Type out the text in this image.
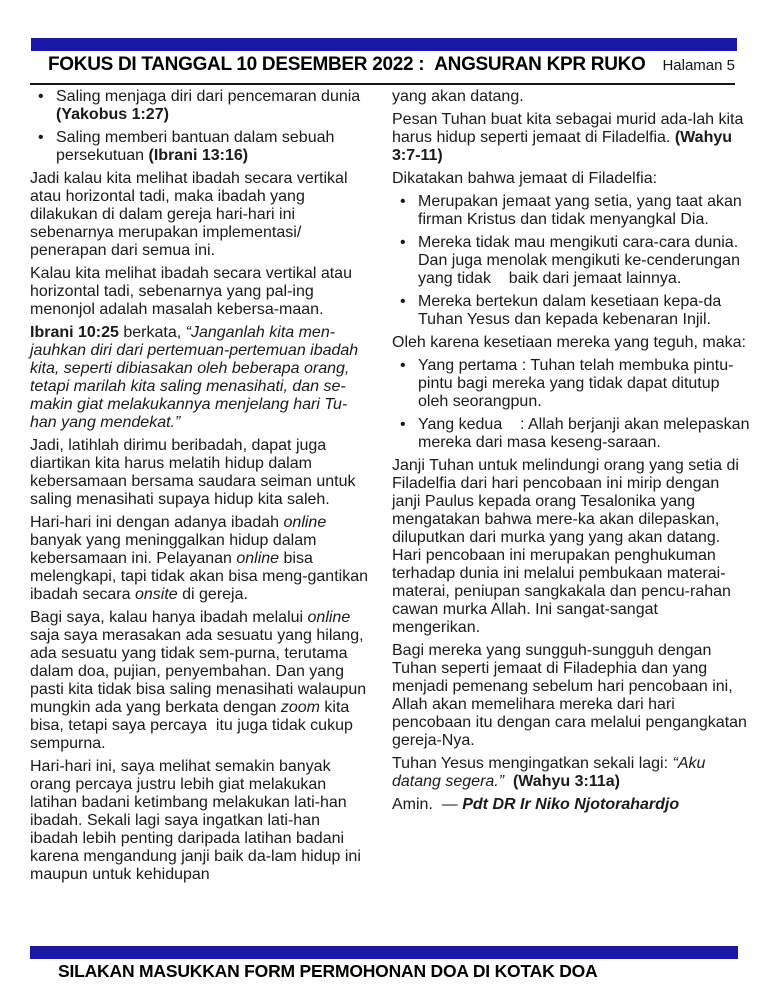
FOKUS DI TANGGAL 10 DESEMBER 2022 :  ANGSURAN KPR RUKO Halaman 5
• Saling menjaga diri dari pencemaran dunia (Yakobus 1:27)
• Saling memberi bantuan dalam sebuah persekutuan (Ibrani 13:16)

Jadi kalau kita melihat ibadah secara vertikal atau horizontal tadi, maka ibadah yang dilakukan di dalam gereja hari-hari ini sebenarnya merupakan implementasi/ penerapan dari semua ini.

Kalau kita melihat ibadah secara vertikal atau horizontal tadi, sebenarnya yang pal-ing menonjol adalah masalah kebersa-maan.

Ibrani 10:25 berkata, “Janganlah kita men-jauhkan diri dari pertemuan-pertemuan ibadah kita, seperti dibiasakan oleh beberapa orang, tetapi marilah kita saling menasihati, dan se-makin giat melakukannya menjelang hari Tu-han yang mendekat.”

Jadi, latihlah dirimu beribadah, dapat juga diartikan kita harus melatih hidup dalam kebersamaan bersama saudara seiman untuk saling menasihati supaya hidup kita saleh.

Hari-hari ini dengan adanya ibadah online banyak yang meninggalkan hidup dalam kebersamaan ini. Pelayanan online bisa melengkapi, tapi tidak akan bisa meng-gantikan ibadah secara onsite di gereja.

Bagi saya, kalau hanya ibadah melalui online saja saya merasakan ada sesuatu yang hilang, ada sesuatu yang tidak sem-purna, terutama dalam doa, pujian, penyembahan. Dan yang pasti kita tidak bisa saling menasihati walaupun mungkin ada yang berkata dengan zoom kita bisa, tetapi saya percaya  itu juga tidak cukup sempurna.

Hari-hari ini, saya melihat semakin banyak orang percaya justru lebih giat melakukan latihan badani ketimbang melakukan lati-han ibadah. Sekali lagi saya ingatkan lati-han ibadah lebih penting daripada latihan badani karena mengandung janji baik da-lam hidup ini maupun untuk kehidupan

yang akan datang.

Pesan Tuhan buat kita sebagai murid ada-lah kita harus hidup seperti jemaat di Filadelfia. (Wahyu 3:7-11)

Dikatakan bahwa jemaat di Filadelfia:

• Merupakan jemaat yang setia, yang taat akan firman Kristus dan tidak menyangkal Dia.
• Mereka tidak mau mengikuti cara-cara dunia. Dan juga menolak mengikuti ke-cenderungan yang tidak    baik dari jemaat lainnya.
• Mereka bertekun dalam kesetiaan kepa-da Tuhan Yesus dan kepada kebenaran Injil.

Oleh karena kesetiaan mereka yang teguh, maka:

• Yang pertama : Tuhan telah membuka pintu-pintu bagi mereka yang tidak dapat ditutup oleh seorangpun.
• Yang kedua    : Allah berjanji akan melepaskan mereka dari masa keseng-saraan.

Janji Tuhan untuk melindungi orang yang setia di Filadelfia dari hari pencobaan ini mirip dengan janji Paulus kepada orang Tesalonika yang mengatakan bahwa mere-ka akan dilepaskan, diluputkan dari murka yang yang akan datang. Hari pencobaan ini merupakan penghukuman terhadap dunia ini melalui pembukaan materai-materai, peniupan sangkakala dan pencu-rahan cawan murka Allah. Ini sangat-sangat mengerikan.

Bagi mereka yang sungguh-sungguh dengan Tuhan seperti jemaat di Filadephia dan yang menjadi pemenang sebelum hari pencobaan ini, Allah akan memelihara mereka dari hari pencobaan itu dengan cara melalui pengangkatan gereja-Nya.

Tuhan Yesus mengingatkan sekali lagi: “Aku datang segera.” (Wahyu 3:11a)

Amin.  — Pdt DR Ir Niko Njotorahardjo

SILAKAN MASUKKAN FORM PERMOHONAN DOA DI KOTAK DOA
